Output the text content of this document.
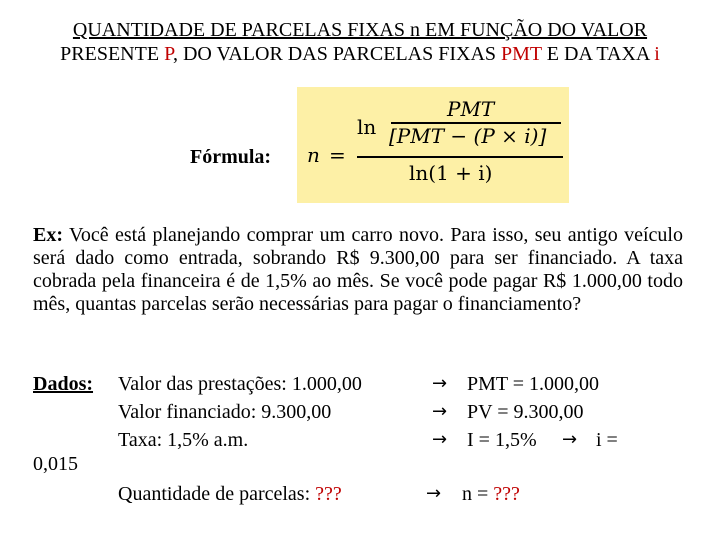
QUANTIDADE DE PARCELAS FIXAS n EM FUNÇÃO DO VALOR
PRESENTE P, DO VALOR DAS PARCELAS FIXAS PMT E DA TAXA i
Fórmula: n =
ln
PMT
[PMT − (P × i)]
ln(1 + i)
Ex: Você está planejando comprar um carro novo. Para isso, seu antigo veículo será dado como entrada, sobrando R$ 9.300,00 para ser financiado. A taxa cobrada pela financeira é de 1,5% ao mês. Se você pode pagar R$ 1.000,00 todo mês, quantas parcelas serão necessárias para pagar o financiamento?
Dados: Valor das prestações: 1.000,00	→ PMT = 1.000,00
Valor financiado: 9.300,00	→ PV = 9.300,00
Taxa: 1,5% a.m.	→ I = 1,5% → i =
0,015
Quantidade de parcelas: ???	→ n = ???
